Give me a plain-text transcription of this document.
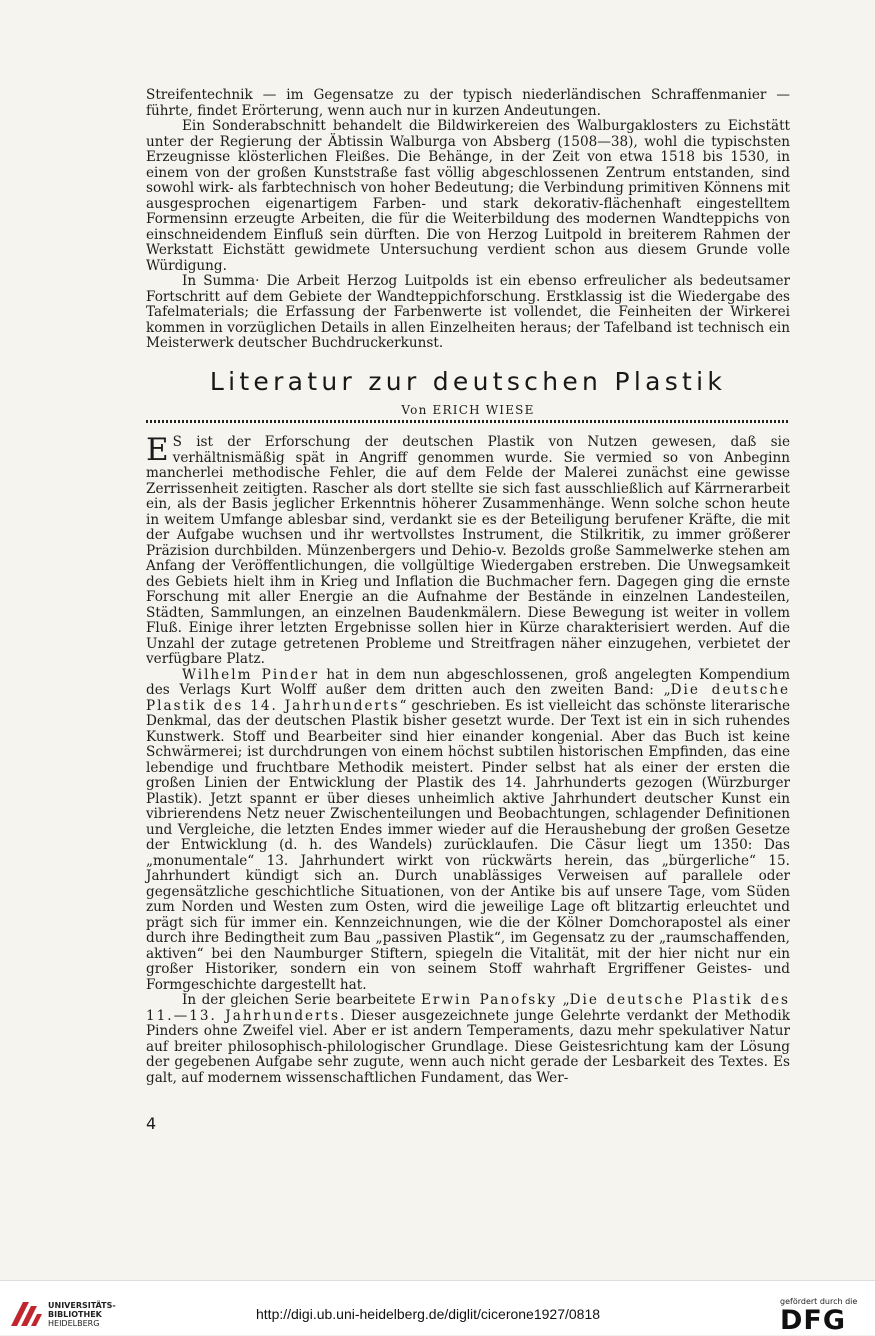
Streifentechnik — im Gegensatze zu der typisch niederländischen Schraffenmanier — führte, findet Erörterung, wenn auch nur in kurzen Andeutungen.

Ein Sonderabschnitt behandelt die Bildwirkereien des Walburgaklosters zu Eichstätt unter der Regierung der Äbtissin Walburga von Absberg (1508—38), wohl die typischsten Erzeugnisse klösterlichen Fleißes. Die Behänge, in der Zeit von etwa 1518 bis 1530, in einem von der großen Kunststraße fast völlig abgeschlossenen Zentrum entstanden, sind sowohl wirk- als farbtechnisch von hoher Bedeutung; die Verbindung primitiven Könnens mit ausgesprochen eigenartigem Farben- und stark dekorativ-flächenhaft eingestelltem Formensinn erzeugte Arbeiten, die für die Weiterbildung des modernen Wandteppichs von einschneidendem Einfluß sein dürften. Die von Herzog Luitpold in breiterem Rahmen der Werkstatt Eichstätt gewidmete Untersuchung verdient schon aus diesem Grunde volle Würdigung.

In Summa· Die Arbeit Herzog Luitpolds ist ein ebenso erfreulicher als bedeutsamer Fortschritt auf dem Gebiete der Wandteppichforschung. Erstklassig ist die Wiedergabe des Tafelmaterials; die Erfassung der Farbenwerte ist vollendet, die Feinheiten der Wirkerei kommen in vorzüglichen Details in allen Einzelheiten heraus; der Tafelband ist technisch ein Meisterwerk deutscher Buchdruckerkunst.

Literatur zur deutschen Plastik
Von ERICH WIESE

E S ist der Erforschung der deutschen Plastik von Nutzen gewesen, daß sie verhältnismäßig spät in Angriff genommen wurde. Sie vermied so von Anbeginn mancherlei methodische Fehler, die auf dem Felde der Malerei zunächst eine gewisse Zerrissenheit zeitigten. Rascher als dort stellte sie sich fast ausschließlich auf Kärrnerarbeit ein, als der Basis jeglicher Erkenntnis höherer Zusammenhänge. Wenn solche schon heute in weitem Umfange ablesbar sind, verdankt sie es der Beteiligung berufener Kräfte, die mit der Aufgabe wuchsen und ihr wertvollstes Instrument, die Stilkritik, zu immer größerer Präzision durchbilden. Münzenbergers und Dehio-v. Bezolds große Sammelwerke stehen am Anfang der Veröffentlichungen, die vollgültige Wiedergaben erstreben. Die Unwegsamkeit des Gebiets hielt ihm in Krieg und Inflation die Buchmacher fern. Dagegen ging die ernste Forschung mit aller Energie an die Aufnahme der Bestände in einzelnen Landesteilen, Städten, Sammlungen, an einzelnen Baudenkmälern. Diese Bewegung ist weiter in vollem Fluß. Einige ihrer letzten Ergebnisse sollen hier in Kürze charakterisiert werden. Auf die Unzahl der zutage getretenen Probleme und Streitfragen näher einzugehen, verbietet der verfügbare Platz.

Wilhelm Pinder hat in dem nun abgeschlossenen, groß angelegten Kompendium des Verlags Kurt Wolff außer dem dritten auch den zweiten Band: „Die deutsche Plastik des 14. Jahrhunderts“ geschrieben. Es ist vielleicht das schönste literarische Denkmal, das der deutschen Plastik bisher gesetzt wurde. Der Text ist ein in sich ruhendes Kunstwerk. Stoff und Bearbeiter sind hier einander kongenial. Aber das Buch ist keine Schwärmerei; ist durchdrungen von einem höchst subtilen historischen Empfinden, das eine lebendige und fruchtbare Methodik meistert. Pinder selbst hat als einer der ersten die großen Linien der Entwicklung der Plastik des 14. Jahrhunderts gezogen (Würzburger Plastik). Jetzt spannt er über dieses unheimlich aktive Jahrhundert deutscher Kunst ein vibrierendens Netz neuer Zwischenteilungen und Beobachtungen, schlagender Definitionen und Vergleiche, die letzten Endes immer wieder auf die Heraushebung der großen Gesetze der Entwicklung (d. h. des Wandels) zurücklaufen. Die Cäsur liegt um 1350: Das „monumentale“ 13. Jahrhundert wirkt von rückwärts herein, das „bürgerliche“ 15. Jahrhundert kündigt sich an. Durch unablässiges Verweisen auf parallele oder gegensätzliche geschichtliche Situationen, von der Antike bis auf unsere Tage, vom Süden zum Norden und Westen zum Osten, wird die jeweilige Lage oft blitzartig erleuchtet und prägt sich für immer ein. Kennzeichnungen, wie die der Kölner Domchorapostel als einer durch ihre Bedingtheit zum Bau „passiven Plastik“, im Gegensatz zu der „raumschaffenden, aktiven“ bei den Naumburger Stiftern, spiegeln die Vitalität, mit der hier nicht nur ein großer Historiker, sondern ein von seinem Stoff wahrhaft Ergriffener Geistes- und Formgeschichte dargestellt hat.

In der gleichen Serie bearbeitete Erwin Panofsky „Die deutsche Plastik des 11.—13. Jahrhunderts. Dieser ausgezeichnete junge Gelehrte verdankt der Methodik Pinders ohne Zweifel viel. Aber er ist andern Temperaments, dazu mehr spekulativer Natur auf breiter philosophisch-philologischer Grundlage. Diese Geistesrichtung kam der Lösung der gegebenen Aufgabe sehr zugute, wenn auch nicht gerade der Lesbarkeit des Textes. Es galt, auf modernem wissenschaftlichen Fundament, das Wer-

4
UNIVERSITÄTS-
BIBLIOTHEK
HEIDELBERG
http://digi.ub.uni-heidelberg.de/diglit/cicerone1927/0818
gefördert durch die
DFG
